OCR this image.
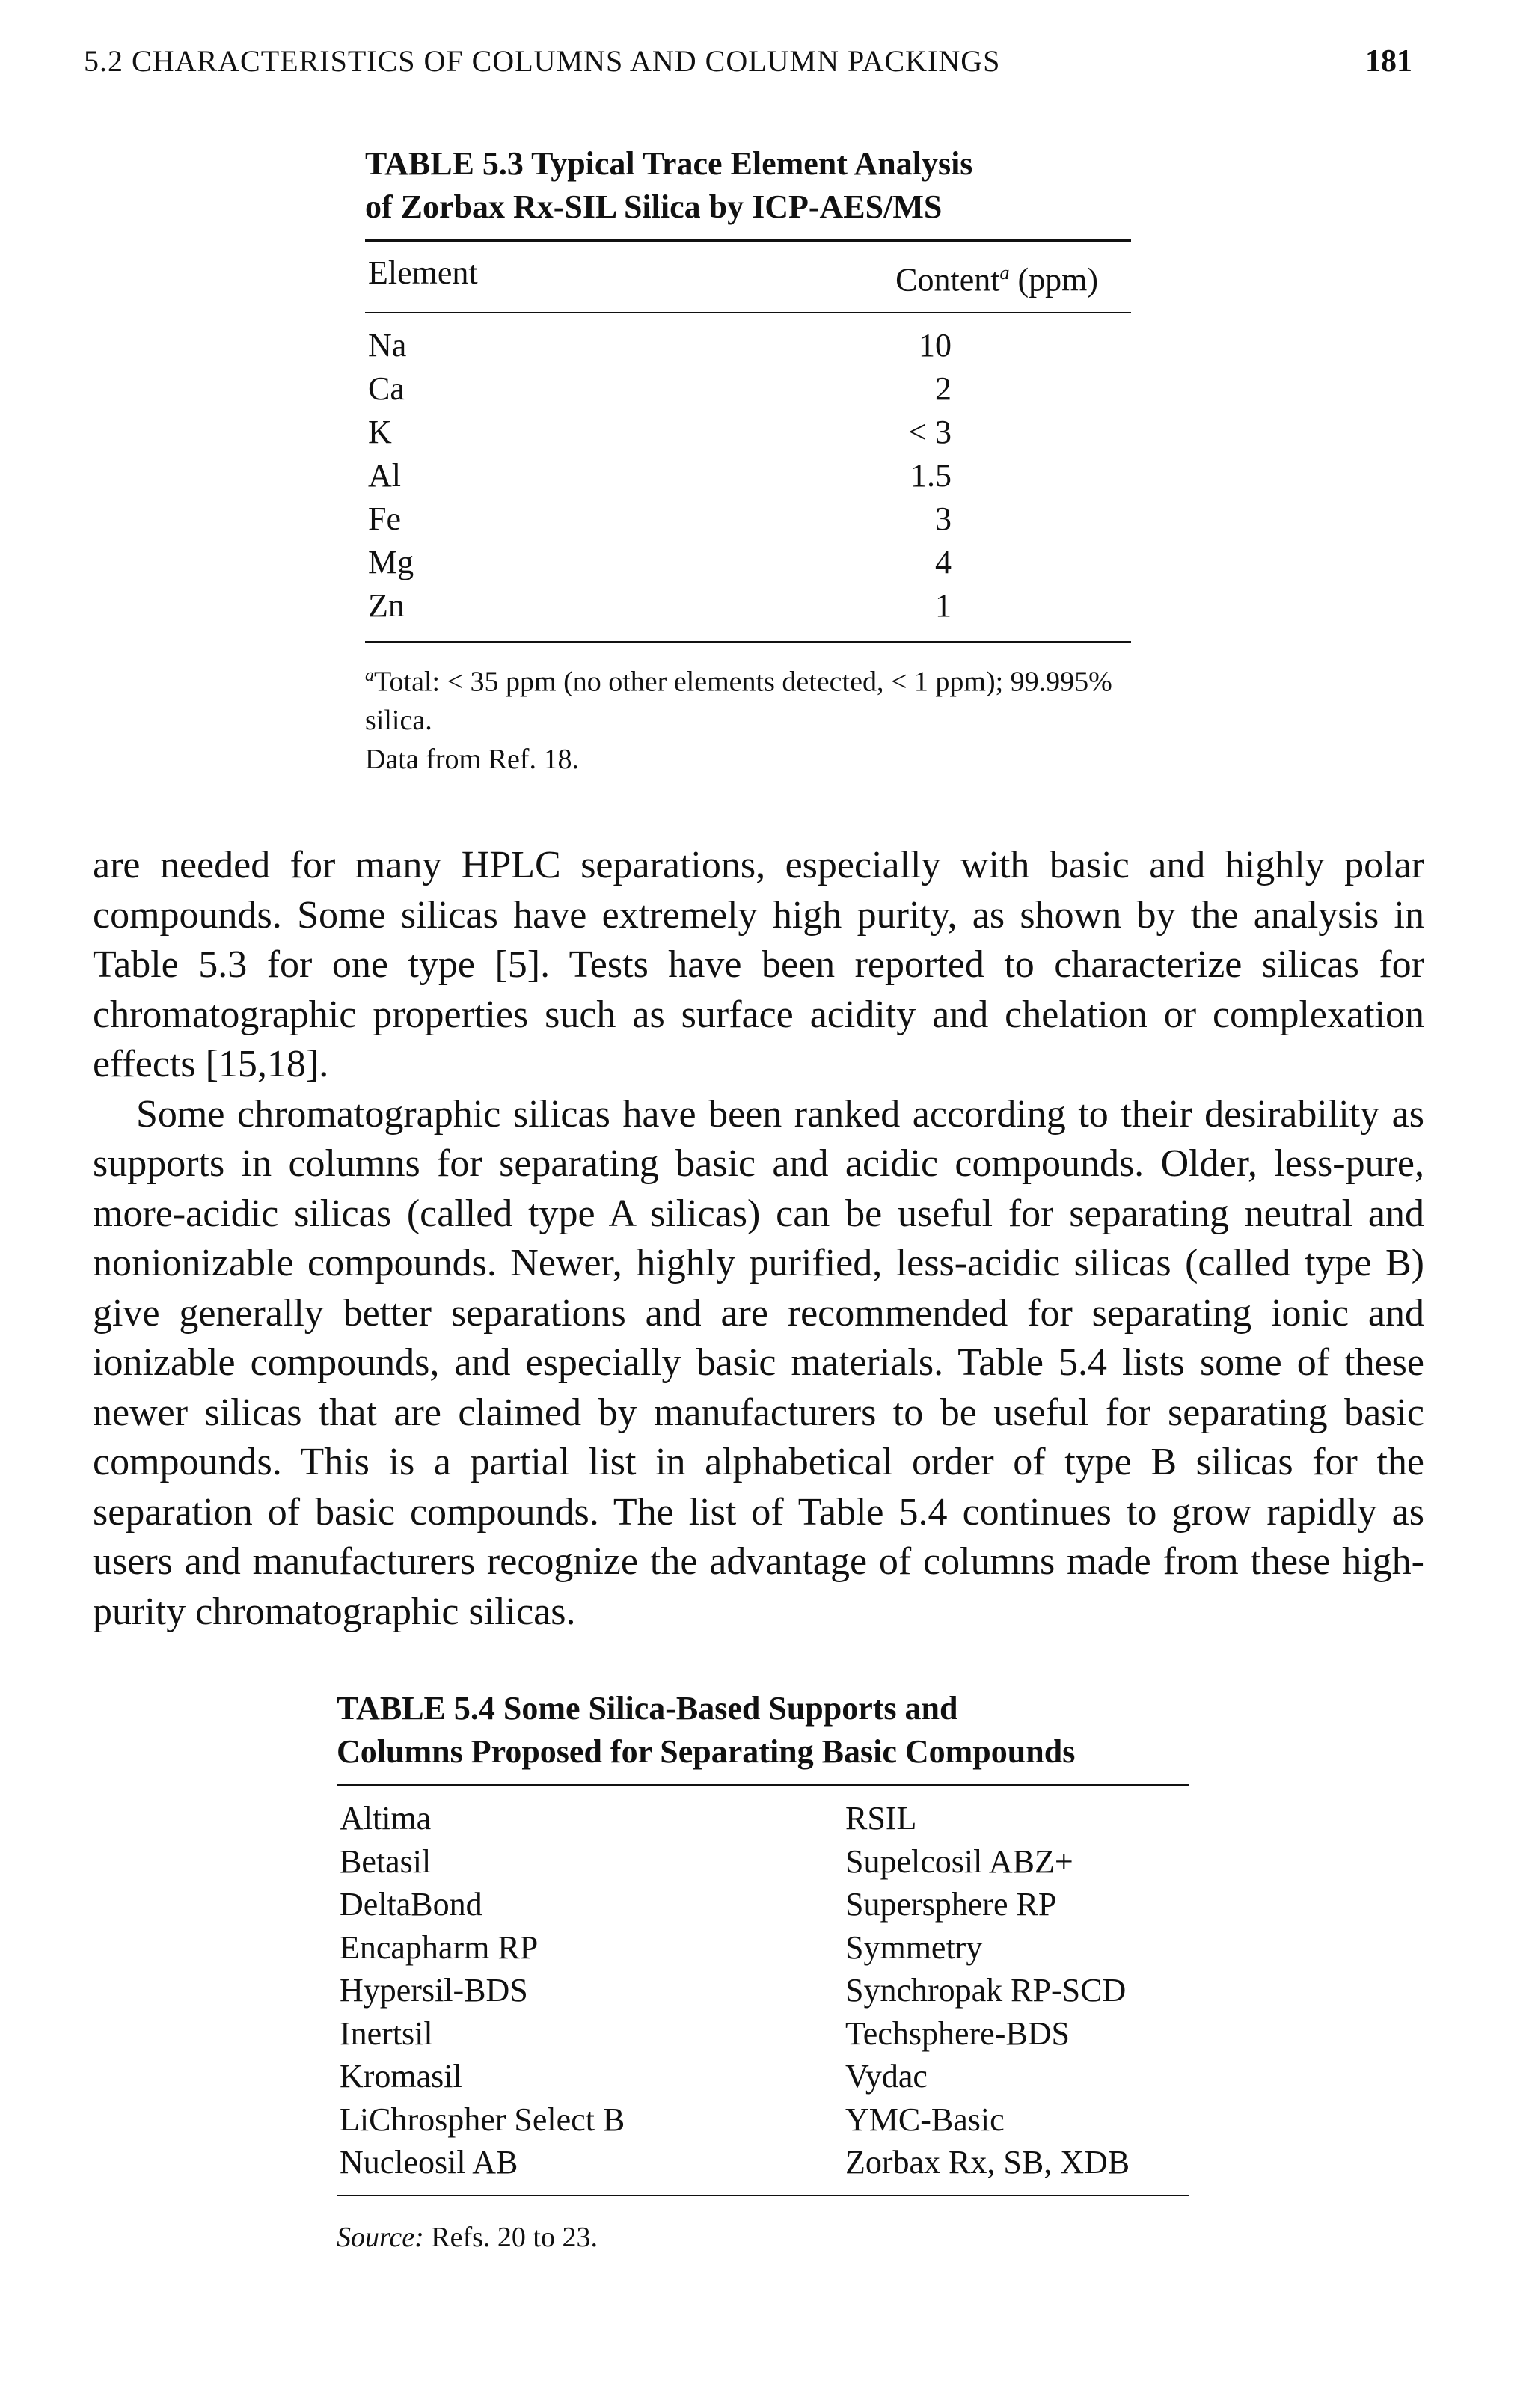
5.2 CHARACTERISTICS OF COLUMNS AND COLUMN PACKINGS	181
TABLE 5.3 Typical Trace Element Analysis
of Zorbax Rx-SIL Silica by ICP-AES/MS
Element	Content$^a$ (ppm)
Na	10
Ca	2
K	< 3
Al	1.5
Fe	3
Mg	4
Zn	1
$^a$Total: < 35 ppm (no other elements detected, < 1 ppm); 99.995% silica.
Data from Ref. 18.

are needed for many HPLC separations, especially with basic and highly polar compounds. Some silicas have extremely high purity, as shown by the analysis in Table 5.3 for one type [5]. Tests have been reported to characterize silicas for chromatographic properties such as surface acidity and chelation or complexation effects [15,18].

Some chromatographic silicas have been ranked according to their desirability as supports in columns for separating basic and acidic compounds. Older, less-pure, more-acidic silicas (called type A silicas) can be useful for separating neutral and nonionizable compounds. Newer, highly purified, less-acidic silicas (called type B) give generally better separations and are recommended for separating ionic and ionizable compounds, and especially basic materials. Table 5.4 lists some of these newer silicas that are claimed by manufacturers to be useful for separating basic compounds. This is a partial list in alphabetical order of type B silicas for the separation of basic compounds. The list of Table 5.4 continues to grow rapidly as users and manufacturers recognize the advantage of columns made from these high-purity chromatographic silicas.

TABLE 5.4 Some Silica-Based Supports and
Columns Proposed for Separating Basic Compounds
Altima	RSIL
Betasil	Supelcosil ABZ+
DeltaBond	Supersphere RP
Encapharm RP	Symmetry
Hypersil-BDS	Synchropak RP-SCD
Inertsil	Techsphere-BDS
Kromasil	Vydac
LiChrospher Select B	YMC-Basic
Nucleosil AB	Zorbax Rx, SB, XDB
Source: Refs. 20 to 23.
